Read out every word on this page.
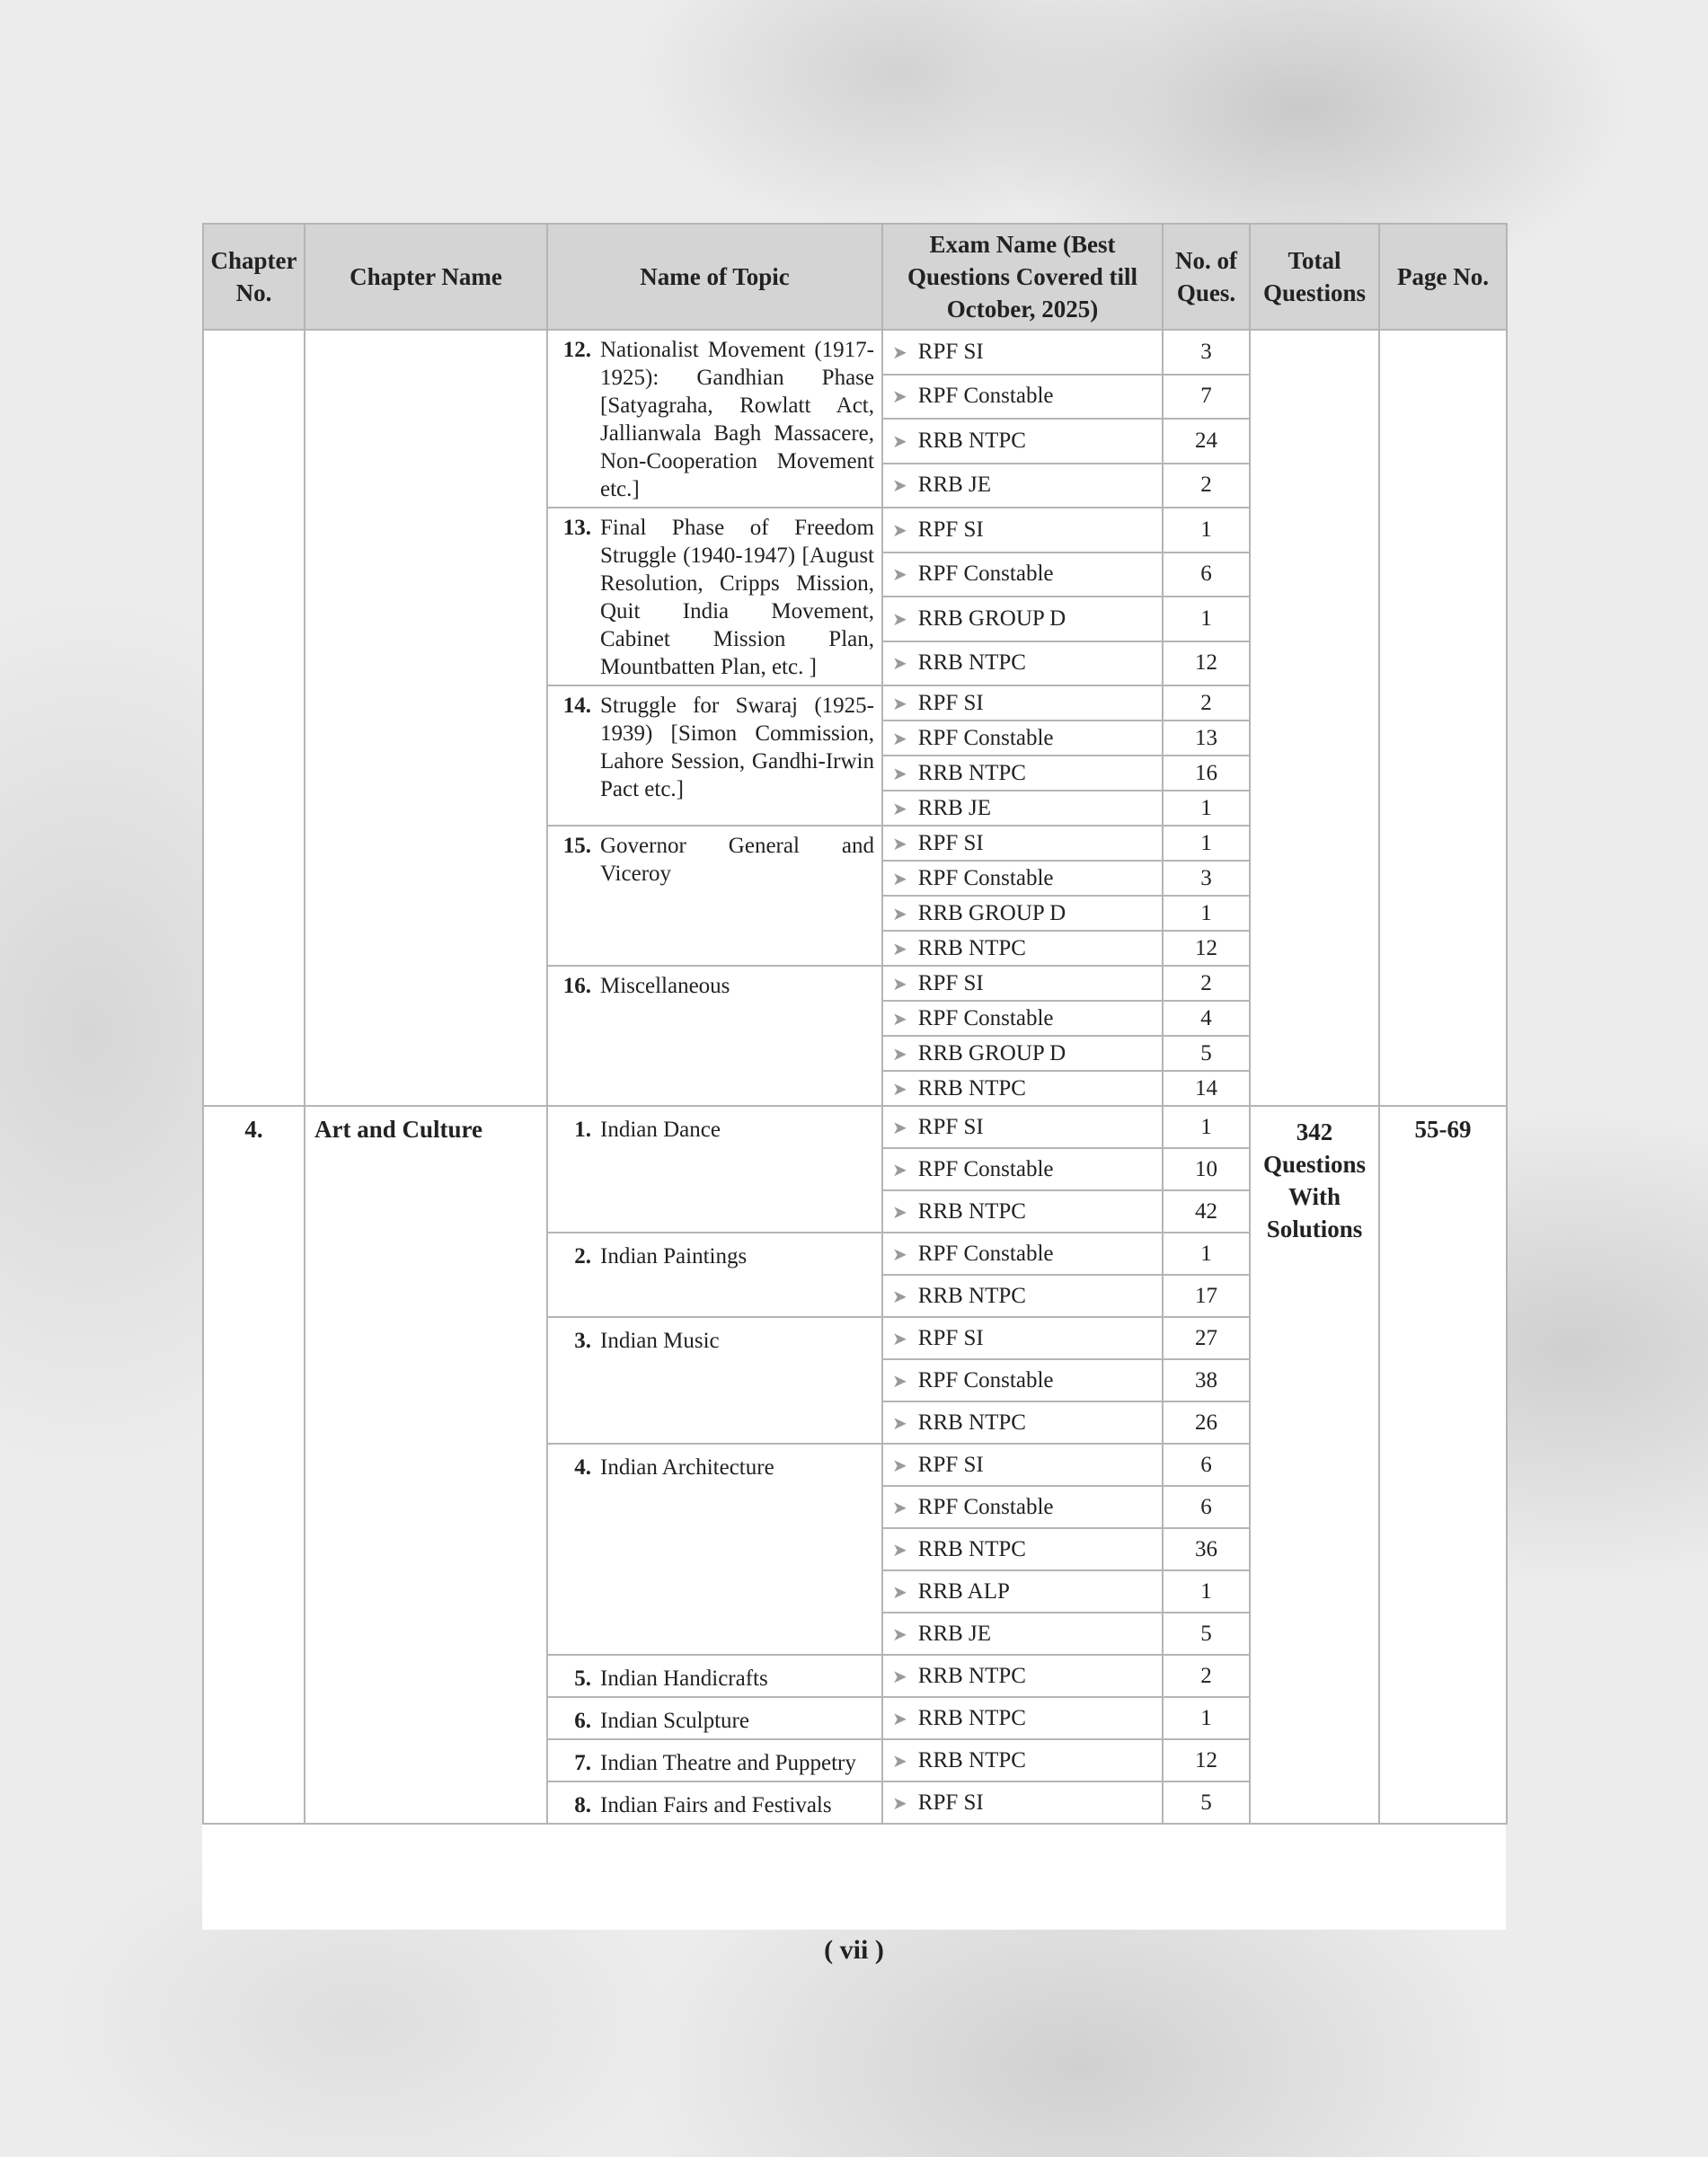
Chapter No.	Chapter Name	Name of Topic	Exam Name (Best Questions Covered till October, 2025)	No. of Ques.	Total Questions	Page No.

		12. Nationalist Movement (1917-1925): Gandhian Phase [Satyagraha, Rowlatt Act, Jallianwala Bagh Massacere, Non-Cooperation Movement etc.]	➤ RPF SI	3		
			➤ RPF Constable	7		
			➤ RRB NTPC	24		
			➤ RRB JE	2		

		13. Final Phase of Freedom Struggle (1940-1947) [August Resolution, Cripps Mission, Quit India Movement, Cabinet Mission Plan, Mountbatten Plan, etc. ]	➤ RPF SI	1		
			➤ RPF Constable	6		
			➤ RRB GROUP D	1		
			➤ RRB NTPC	12		

		14. Struggle for Swaraj (1925-1939) [Simon Commission, Lahore Session, Gandhi-Irwin Pact etc.]	➤ RPF SI	2		
			➤ RPF Constable	13		
			➤ RRB NTPC	16		
			➤ RRB JE	1		

		15. Governor General and Viceroy	➤ RPF SI	1		
			➤ RPF Constable	3		
			➤ RRB GROUP D	1		
			➤ RRB NTPC	12		

		16. Miscellaneous	➤ RPF SI	2		
			➤ RPF Constable	4		
			➤ RRB GROUP D	5		
			➤ RRB NTPC	14		
4.	Art and Culture	1. Indian Dance	➤ RPF SI	1	342 Questions With Solutions	55-69
			➤ RPF Constable	10		
			➤ RRB NTPC	42		

		2. Indian Paintings	➤ RPF Constable	1		
			➤ RRB NTPC	17		

		3. Indian Music	➤ RPF SI	27		
			➤ RPF Constable	38		
			➤ RRB NTPC	26		

		4. Indian Architecture	➤ RPF SI	6		
			➤ RPF Constable	6		
			➤ RRB NTPC	36		
			➤ RRB ALP	1		
			➤ RRB JE	5		

		5. Indian Handicrafts	➤ RRB NTPC	2		

		6. Indian Sculpture	➤ RRB NTPC	1		

		7. Indian Theatre and Puppetry	➤ RRB NTPC	12		

		8. Indian Fairs and Festivals	➤ RPF SI	5		
( vii )
